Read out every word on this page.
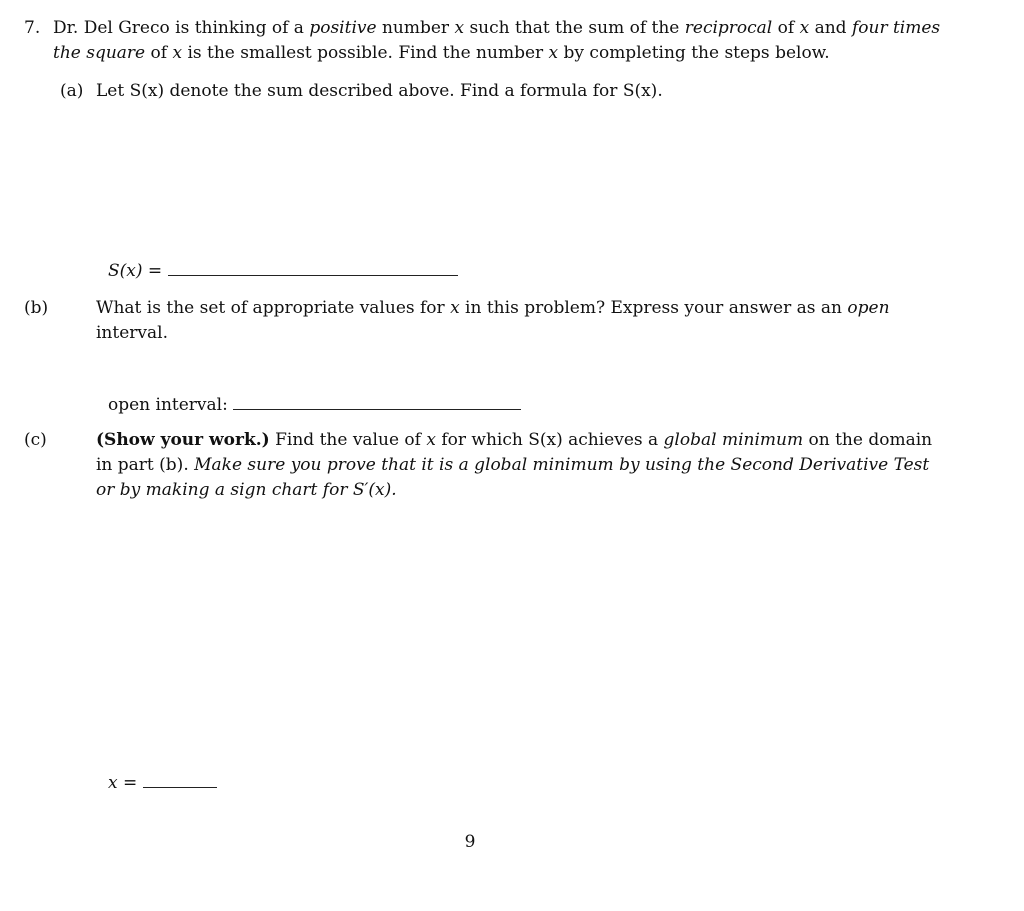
7. Dr. Del Greco is thinking of a positive number x such that the sum of the reciprocal of x and four times the square of x is the smallest possible. Find the number x by completing the steps below.
(a) Let S(x) denote the sum described above. Find a formula for S(x).
S(x) =
(b)	What is the set of appropriate values for x in this problem? Express your answer as an open interval.
open interval:
(c)	(Show your work.) Find the value of x for which S(x) achieves a global minimum on the domain in part (b). Make sure you prove that it is a global minimum by using the Second Derivative Test or by making a sign chart for S′(x).
x =
9
